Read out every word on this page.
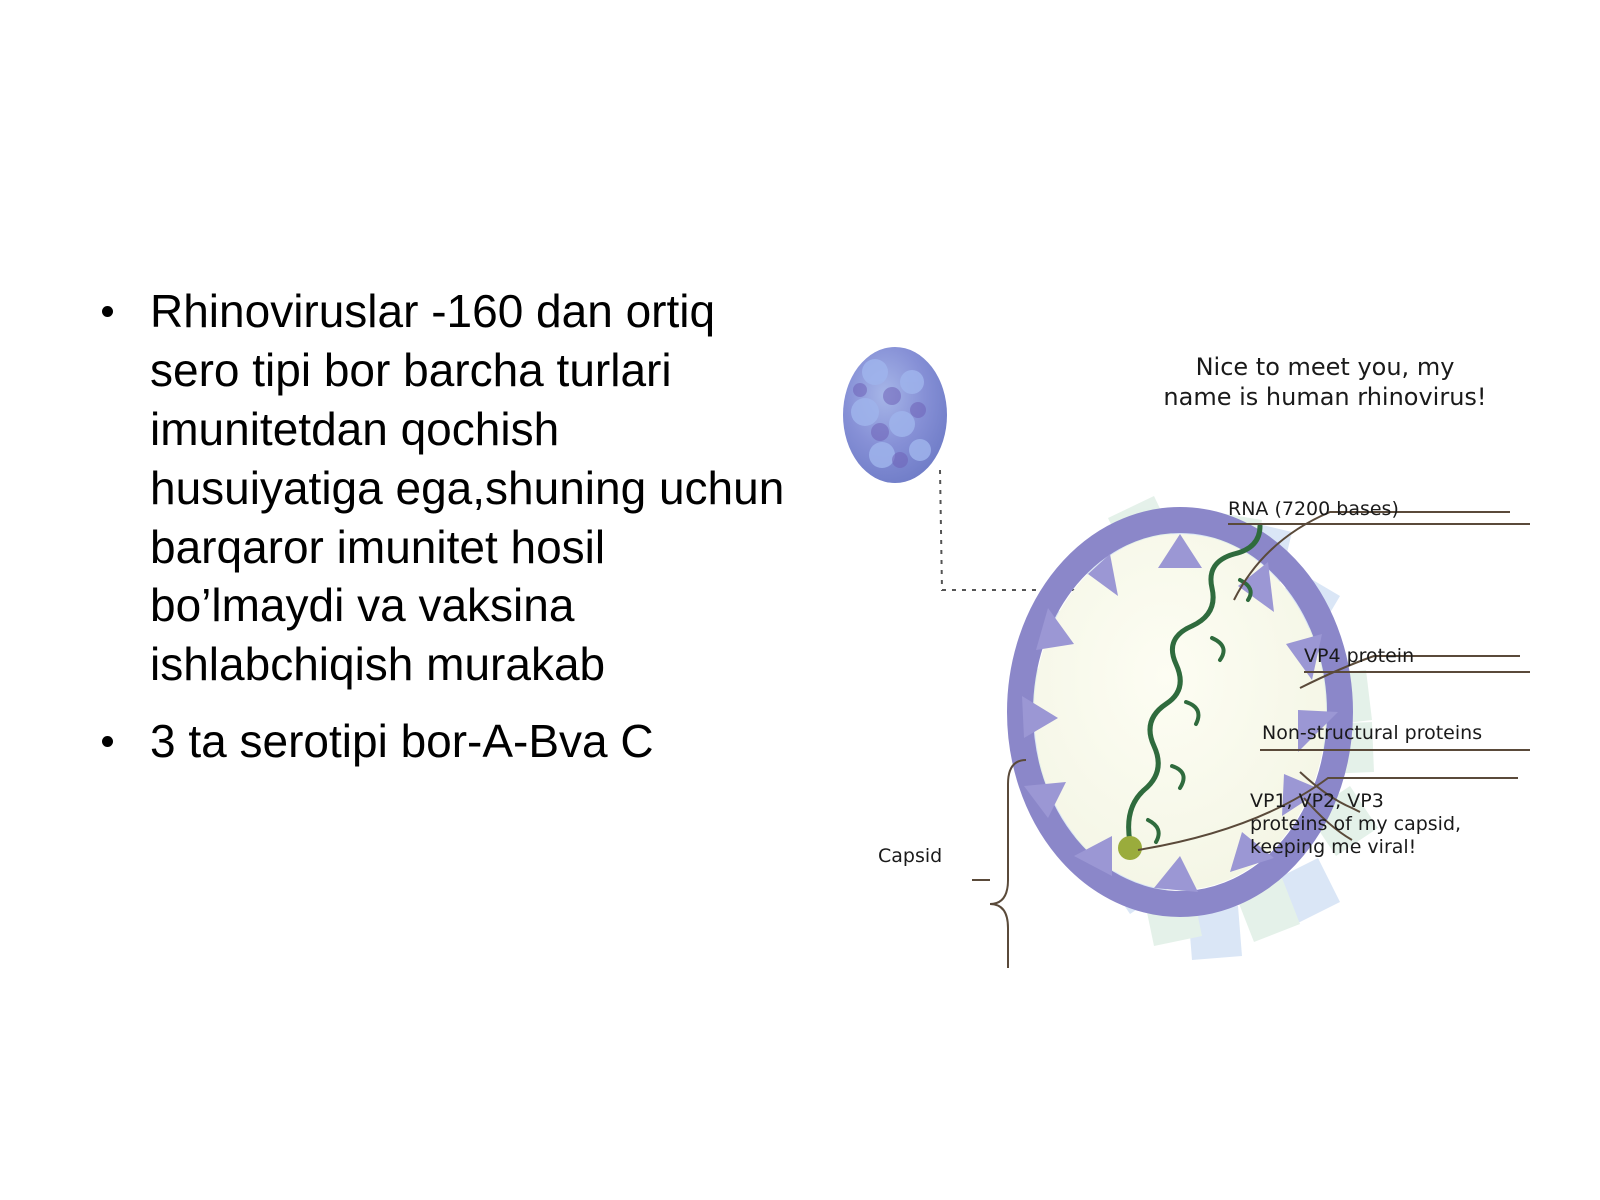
Rhinoviruslar -160 dan ortiq sero tipi bor barcha turlari imunitetdan qochish husuiyatiga ega,shuning uchun barqaror imunitet hosil bo’lmaydi va vaksina ishlabchiqish murakab
3 ta serotipi bor-A-Bva C
Nice to meet you, my name is human rhinovirus!
RNA (7200 bases)
VP4 protein
Non-structural proteins
VP1, VP2, VP3 proteins of my capsid, keeping me viral!
Capsid
